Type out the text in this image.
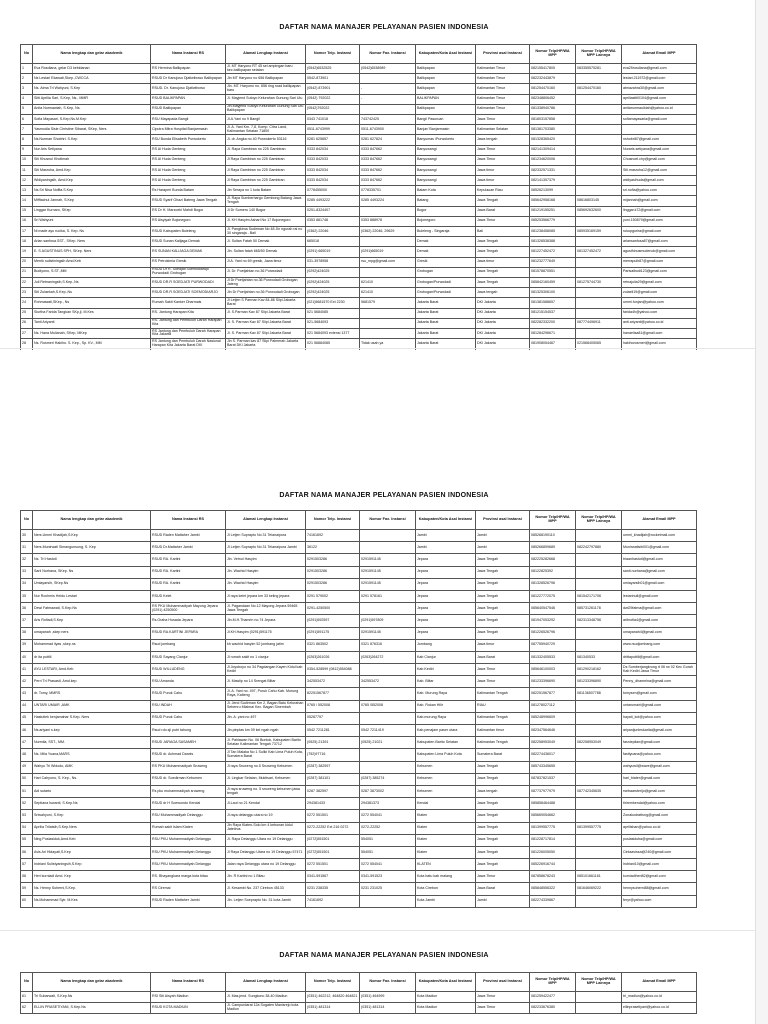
DAFTAR NAMA MANAJER PELAYANAN PASIEN INDONESIA
No	Nama lengkap dan gelar akademik	Nama Instansi RS	Alamat Lengkap Instansi	Nomor Telp. Instansi	Nomor Fax. Instansi	Kabupaten/Kota Asal Instansi	Provinsi asal Instansi	Nomor Telp/HP/WA MPP	Nomor Telp/HP/WA MPP Lainnya	Alamat Email MPP
1	Eva Rosdiana, gelar D3 kebidanan	RS Hermina Balikpapan	Jl. MT Haryono RT 45 sei ampingan baru kec.balikpapan selatan	(0542)6532525	(0542)6538989	Balikpapan	Kalimantan Timur	082155417805	083355575281	eva25rosdiana@gmail.com
2	Ns Lestari Ekawati,Skep.,CWCCA	RSUD Dr Kanujoso Djatiwibowo Balikpapan	Jln MT Haryono no 656 Balikpapan	0542-873901		Balikpapan	Kalimantan Timur	082232443879		lestari.211972@gmail.com
3	Ns. Atma Tri Wahyuni, S.Kep	RSUD. Dr. Kanujoso Djatiwibowo	Jln. MT. Haryono no. 656 ring road balikpapan baru	(0542) 873901	-	Balikpapan	Kalimantan Timur	081254470160	081254470160	atmazahra30@gmail.com
4	Sitti Aprilia Sari, S.Kep, Ns., MMR	RSUD BALIKPAPAN	Jl. Mayjend Sutoyo Kelurahan Gunung Sari Ulu	(0542) 792022	-	BALIKPAPAN	Kalimantan Timur	082348806452		apriliasitti0104@gmail.com
5	Anita Nurmawiah, S.Kep, Ns.	RSUD Balikpapan	Jln.Mayjend Sutoyo Kelurahan Gunung Sari Ulu Balikpapan	(0542)792022		Balikpapan	Kalimantan Timur	081338940786		anitanurmaulidah@yahoo.co.id
6	Sofia Mayasari, S.Kep,Ns.M.Kep	RSU Mayapada Bangil	Jl.A.Yani no 9 Bangil	0343 741018	743742425	Bangil Pasuruan	Jawa Timur	081803157858		sofiamayasaria@gmail.com
7	Yasmodia Sisie Christine Sibarat, SKep, Ners	Ciputra Mitra Hospital Banjarmasin	Jl. A. Yani Km. 7,8, Komp. Citra Land, Kalimantan Selatan 71800	0511-6743999	0511-6743900	Banjar/ Banjarmasin	Kalimantan Selatan	081381703380		
8	Ns.Nurman Shobhri. S.Kep	RSU Bunda Elisabeth Purwokerto	Jl. dr. Angka no 40 Purwokerto 53116	0281 625857	0281 627824	Banyumas /Purwokerto	Jawa tengah	081328365420		nshobri87@gmail.com
9	Nur Aris Setiyana	RS Al Huda Genteng	Jl. Raya Gambiran no 225 Gambiran	0333 842034	0333 847662	Banyuwangi	Jawa Timur	082141309414		Nuraris.setiyana@gmail.com
10	Siti Khusnul Khotimah	RS Al Huda Genteng	Jl Raya Gambiran no 225 Gambiran	0333 842033	0333 847662	Banyuwangi	Jawa Timur	081234620006		Chusnoel.chy@gmail.com
11	Siti Masruha, Amd.Kep	RS Al Huda Genteng	Jl Raya Gambiran no 225 Gambiran	0333 842034	0333 847662	Banyuwangi	Jawa timur	082332571331		Siti.masruha12@gmail.com
12	Widiyaningsih, Amd.Kep	RS Al Huda Genteng	Jl Raya Gambiran no 225 Gambiran	0333 842034	0333 847662	Banyuwangi	Jawa timur	082141357379		widiyasihuda@gmail.com
13	Ns.Sri Nisa Noffia.S.Kep	Rs Haraperi Bunda Batam	Jln Seraya no 1 kota Batam	0778455000	0778335701	Batam Kota	Kepulauan Riau	08526213099		sri.nofia@yahoo.com
14	Mifftachul Jannah, S.Kep	RSUD Syarif Ghazi Bateng Jawa Tengah	Jl. Raya Sumberhargo Gembong Batang Jawa Tengah	0285 4493222	0285 4493224	Batang	Jawa Tengah	085642958168	08616803145	mijannah@gmail.com
15	Linggar Kurnaro, SKep	RS Dr H. Marzoeki Mahdi Bogor	Jl Dr Sumeru 140 Bogor	0251-8324407		Bogor	Jawa Barat	081219155251	085692632600	linggar.k72@gmail.com
16	Sri Wahyuni	RS Aisyiyah Bojonegoro	Jl. KH Hasyim Ashari No 17 Bojonegoro	0353 881748	0353 888978	Bojonegoro	Jawa Timur	085253566779		yuni.150879@gmail.com
17	Ni made ayu rucika, S. Kep. Ns	RSUD Kabupaten Buleleng	Jl. Pangkima Sudirman No 48 Jln ngurah rai no 30 singaraja - Bali	(0362) 22046	(0362) 22046, 29629	Buleleng - Singaraja	Bali	081238458085	085935169159	rukupgurira@gmail.com
18	Arlan sanfosa.SST., SKep. Ners	RSUD Sunan Kalijaga Demak	Jl. Sultan Fatah 50 Demak	665018		Demak	Jawa Tengah	081328538388		arlansanfosa87@gmail.com
19	E. S AGUSTINUS SPH, SKep. Ners	RS SUNAN KALIJAGA DEMAK	Jln. Sultan fatah 665/50 Demak	(0291) 665019	(0291)665019	Demak	Jawa Tengah	081227452472	081327452472	agusthinusmudenok@gmail.com
20	Merrik sulistiningsih Amd.Keb	RS Petrokimia Gresik	Jl A. Yani no 69 gresik, Jawa timur	031-3978958	rsu_mpg@gmail.com	Gresik	Jawa timur	081232777649		merrapuih87@gmail.com
21	Budiyono, S.ST.,MM	RSUD Dr R. Soedjati Soemodiardjo Purwodadi Grobogan	Jl. Dr. Poetjahtan no.36 Purwodadi	(0292)424025		Grobogan	Jawa Tengah	081578870551		Parisaibudi123@gmail.com
22	Juli Retnaningsih,S.Kep.,Ns	RSUD DR.R SOEDJATI PURWODADI	Jl Dr Poetjahtan no.36 Purwodadi Grobogan Jateng	(0292)424025	621410	Grobogan/Purwodadi	Jawa Tengah	085842160459	081275744730	retnajulia29@gmail.com
23	Siti Zulaekah,S.Kep.,Ns	RSUD DR.R.SOEDJATI SOEMODIARJO	Jln Dr Poetjahtan no.36 Purwodadi Grobogan	(0292)424025	621410	Grobogan/Purwodadi	Jawa tengah	081325306100		zulaeli19@gmail.com
24	Rohmawati,SKep., Ns	Rumah Sakit Kanker Dharmais	Jl Letjen S Parman Kav 84-86 Slipi Jakarta Barat	(021)5681570 Ext 2230	5681579	Jakarta Barat	DKI Jakarta	081381588657		ummi.funjan@yahoo.com
25	Siurtha Farida Tangkan SKp,jl. M.Kes	RS. Jantung Harapan Kita	Jl. S.Parman Kav 87 Slipi Jakarta Barat	021 5684085		Jakarta Barat	DKI Jakarta	081215154537		farida4h@yahoo.com
26	Tanti Ariyanti	RS. Jantung dan Pembuluh Darah Harapan Kita	Jl. S. Parman Kav 87 Slipi Jakarta Barat	021-5684093		Jakarta Barat	DKI Jakarta	082282332200	087774496911	anti.ariyanti@yahoo.co.id
27	Ns. Hana Mulianah, SKep, MKep	RS Jantung dan Pembuluh Darah Harapan Kita Jakarta	Jl. S. Parman Kav 87 Slipi Jakarta Barat	021 5684093 extensi 1377		Jakarta Barat	DKI Jakarta	081284296671		hanaelisa81@gmail.com
28	Ns. Rosmeri Hakiho. S. Kep., Sp. KV., MM	RS Jantung dan Pembuluh Darah Nasional Harapan Kita Jakarta Barat DKI	Jln S. Parman kav 87 Slipi Palmerah Jakarta Barat DKI Jakarta	021 56884085	Tidak usah ya	Jakarta Barat	DKI Jakarta	081908054467	021568405065	hakihorosmeri@gmail.com

DAFTAR NAMA MANAJER PELAYANAN PASIEN INDONESIA
No	Nama lengkap dan gelar akademik	Nama Instansi RS	Alamat Lengkap Instansi	Nomor Telp. Instansi	Nomor Fax. Instansi	Kabupaten/Kota Asal Instansi	Provinsi asal Instansi	Nomor Telp/HP/WA MPP	Nomor Telp/HP/WA MPP Lainnya	Alamat Email MPP
30	Ners.Ummi Khadijah,S.Kep	RSUD Raden Mattaher Jambi	Jl Letjen Suprapto No 31 Telanaipura	74161692		Jambi	Jambi	085268190110		ummi_khadijah@rocketmail.com
31	Ners.Munirwati Simangunsong, S. Kep	RSUD Dr.Mattaher Jambi	Jl Letjen Suprapto No 31 Telanaipura Jambi	36122		Jambi	Jambi	085266899689	082242797880	Munirwatisib001@gmail.com
32	Ns. Tri Hastuti	RSUD RA. Kartini	Jln. Vetnul Hasyim	0291503286	0291591145	Jepara	Jawa Tengah	082225282668		triaanhastuti@gmail.com
33	Sarii Nurhana, SKep. Ns	RSUD RA. Kartini	Jln. Wachid Hasyim	0291503286	0291591145	Jepara	Jawa Tengah	08122825392		santi.nurhana@gmail.com
34	Umiayarsih, SKep.Ns	RSUD RA. Kartini	Jln. Wachid Hasyim	0291503286	0291591145	Jepara	Jawa Tengah	081328526796		umiayarsih01@gmail.com
35	Nur Rochmis Heidu Lestari	RSUD Kelet	Jl raya kelet jepara km 33 keling jepara	0291 579002	0291 578161	Jepara	Jawa Tengah	081227772075	081542171706	lestarinull@gmail.com
36	Dewi Fatmawati, S.Kep.Ns	RS PKU Muhammadiyah Mayong Jepara (0291) 4250500	Jl. Pagandaan No.12 Mayong Jepara 59465 Jawa Tengah	0291-4250500		Jepara	Jawa Tengah	085640547546	085731261178	dwi29fatma@gmail.com
37	Aris Rofiadi,S.Kep	Rs.Graha Husada Jepara	Jln.M.H.Thamrin no.74 Jepara	(0291)592597	(0291)597809	Jepara	Jawa Tengah	081947053292	082313348756	aribrofia4@gmail.com
38	umayanah ,skep ners	RSUD RA.KARTINI JEPARA	Jl.KH.Hasyim (0291)591175	(0291)591175	0291591145	Jepara	Jawa Tengah	081226526796		umayanah4@gmail.com
39	Mohammad ilyas ,skep.ns	Rsud jombang	kh wachid hasyim 52 jombang jatim	0321 863502	0321 876316	Jombang	Jawa timur	087755940729		www.rsudjombang.com
40	dr ita puttili	RSUD Sayang Cianjur	Jl rumah sakit no 1 cianjur	(0263)261026	(0263)264272	Kab Cianjur	Jawa Barat	081332405533	081340533	drittaputtili@gmail.com
41	AYU LESTARI, Amd.Keb	RSUD WILLUDENG	Jl Joyoboyo no 34 Pagdangan Kayen Kidul kab Kediri	0354-528599 (0812)554088		Kab Kediri	Jawa Timur	085646100003	081290218162	Ds Sumberjangkrung rt 06 rw 02 Kec Gurah Kab Kediri Jawa Timur
42	Perri Tri Prasasti, Amd.kep	RSU Amanda	Jl. Mawlip no 14 Srengat Blitar	342553472	342553472	Kab. Blitar	Jawa Timur	081233396690	081233396890	Penny_dhamelna@gmail.com
43	dr. Tomy, MMRS	RSUD Puruk Cahu	Jl. A. Yani no. 497, Puruk Cahu Kab. Murung Raya, Kalteng	82251567877		Kab. Murung Raya	Kalimantan Tengah	082251567877	081136507788	tomysen@gmail.com
44	UNTARI UMAIR ,AMK	RSU INDAH	Jl. Jend Sudirman Km 2, Bagan Batu Kelurahan Sebenru Mialmai Kec. Bagan Sinembah	0765 / 552008	0765 /552008	Kab. Rokan Hilir	RIAU	081278027112		untarumairi@gmail.com
45	Hastutiek kenjamahar S.Kep. Ners	RSUD Puruk Cahu	Jln. A. yani no 497	05287797		Kab.murung Raya	Kalimantan Tengah	085248996609		hayati_kot@yahoo.com
46	Ns.ariyani s.kep	Rsud rdo.sji putri tahung	Jln.pinplas km 09 kel ngah ngah	0542 7211281	0542 7211419	Kab.penajam paser utara	Kalimantan timur	082347564646		ariyanijunleskarita@gmail.com
47	Nurmila, SST., MM.	RSUD JARAGA SASAMEH	Jl. Pahlawan No. 06 Buntok, Kabupaten Barito Selatan Kalimantan Tengah 73712	(0525) 21391	(0525) 21021	Kabupaten Barito Selatan	Kalimantan Tengah	082258953049	082258953049	fasniepilan@gmail.com
48	Ns. Mila Yuana,MARS	RSUD dr. Achmad Darwis	Jl Tan Malaka No 1 Suliki Kab Lima Puluh Kota, Sumatera Barat	(752)97716		Kabupaten Lima Puluh Kota	Sumatera Barat	082274436017		fastiyuana@yahoo.com
49	Wahyu Tri Widodo, AMK	RS PKU Muhammadiyah Sruweng	Jl raya Sruweng no.5 Sruweng Kebumen	(0287) 382597		Kebumen	Jawa Tengah	085743345655		wahyuwil@wave@gmail.com
50	Hari Cahyono, S. Kep., Ns.	RSUD dr. Soedirman Kebumen	Jl. Lingkar Selatan, Muktisari, Kebumen	(0287) 381101	(0287) 385274	Kebumen	Jawa Tengah	087837821537		hari_blater@gmail.com
51	Adi sutarto	Rs pku muhammadiyah sruweng	Jl raya sruweng no. 5 sruweng kebumen jawa tengah	0287 382597	0287 3873002	Kebumen	Jawa tengah	087737977979	087742345635	rsebaarsterijo@gmail.com
52	Septiana Iswanti, S.Kep.Ns	RSUD dr H Soewondo Kendal	Jl.Laut no 21 Kendal	294381433	294381373	Kendal	Jawa Tengah	085858464488		tiriremkendal@yahoo.com
53	Sriwahyuni, S.Kep	RSU Muhammadiyah Delanggu	Jl.raya delanggu utara no 19	0272 551501	0272 554041	Klaten	Jawa Tengah	085669054662		Zonakodrattsng@gmail.com
54	Aprilia Trilatsih,S.Kep.Ners	Rumah sakit Islam Klaten	Jln Raya Klaten-Solo km 4 kebonan kidul Jatetirus	0272-22252 Ext 216 0272	0272-22252	Klaten	Jawa Tengah	081399557775	081399557775	aprilishan@yahoo.co.id
55	Ning Puslasiduk,Amd.Keb	RSU PKU Muhammadiyah Delanggu	Jl. Raya Delanggu Utara no 19 Delanggu	(0272)551501	554051	Klaten	Jawa Tengah	081228717814		puslasiduba@gmail.com
56	Avis Ari Hidayati,S.Kep	RSU PKU Muhammadiyah Delanggu	Jl Raya Delanggu Utara no 19 Delanggu 57471	(0272)551501	554051	Klaten	Jawa Tengah	081226005050		Cintaavissa@240@gmail.com
57	Indriani Sulistyaningsih,S.Kep	RSU PKU Muhammadiyah Delanggu	Jalan raya Delanggu utara no 19 Delanggu	0272 551501	0272 554041	KLATEN	Jawa Tengah	085226916744		Indriani10@gmail.com
58	Heri kurniadi Amd. Kep	RS. Bhayangkara marga kota bitau	Jln. R Kartini no 1 Bitau	0341-591567	0341-591523	Kota batu kab malang	Jawa Timur	087858678243	085101661161	kurniadiheri82@gmail.com
59	Ns. Henny Suherni,S.Kep.	RS Ciremai	Jl. Kesambi No. 237 Cirebon 45133	0231 238335	0231 231025	Kota Cirebon	Jawa Barat	085848556322	081646069222	hennysuherni88@gmail.com
60	Ns.Mohammad Syir. M.Kes	RSUD Raden Mattaher Jambi	Jln. Letjen Soeprapto No. 31 kota Jambi	74161692		Kota Jambi	Jambi	082274339867		feryr@yahoo.com
DAFTAR NAMA MANAJER PELAYANAN PASIEN INDONESIA
No	Nama lengkap dan gelar akademik	Nama Instansi RS	Alamat Lengkap Instansi	Nomor Telp. Instansi	Nomor Fax. Instansi	Kabupaten/Kota Asal Instansi	Provinsi asal Instansi	Nomor Telp/HP/WA MPP	Nomor Telp/HP/WA MPP Lainnya	Alamat Email MPP
61	Tri Subarwati, S.Kep.Ns	RSI Siti Aisyah Madiun	Jl. Mas.jend. Sungkono 38-40 Madiun	(0351) 462212, 464820 464821	(0351) 464999	Kota Madiun	Jawa Timur	081259422477		tri_madiun@yahoo.co.id
62	ELLIN PRASETIYANI, S.Kep.Ns	RSUD KOTA MADIUN	Jl. Campurdarat 12a Sogaten Manisrejo kota Madiun	(0351) 481314	(0351) 481314	Kota Madiun	Jawa Timur	082233676380		ellinprasetiyani@yahoo.co.id
